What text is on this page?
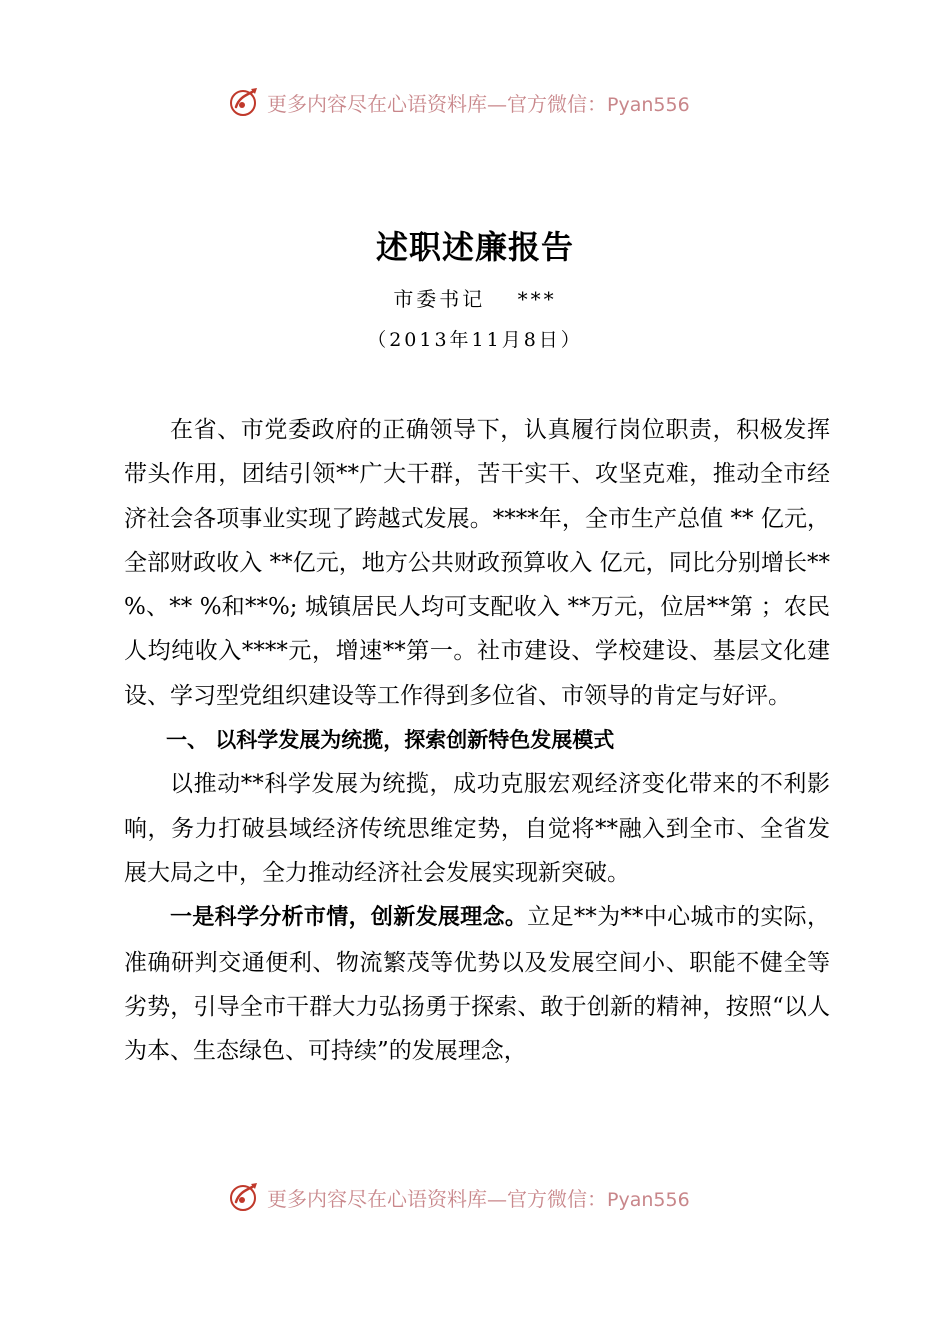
更多内容尽在心语资料库—官方微信：Pyan556
述职述廉报告
市委书记　 ***
（2013年11月8日）

在省、市党委政府的正确领导下，认真履行岗位职责，积极发挥带头作用，团结引领**广大干群，苦干实干、攻坚克难，推动全市经济社会各项事业实现了跨越式发展。****年，全市生产总值 ** 亿元，全部财政收入 **亿元，地方公共财政预算收入 亿元，同比分别增长** %、** %和**%; 城镇居民人均可支配收入 **万元，位居**第 ；农民人均纯收入****元，增速**第一。社市建设、学校建设、基层文化建设、学习型党组织建设等工作得到多位省、市领导的肯定与好评。

一、 以科学发展为统揽，探索创新特色发展模式

以推动**科学发展为统揽，成功克服宏观经济变化带来的不利影响，务力打破县域经济传统思维定势，自觉将**融入到全市、全省发展大局之中，全力推动经济社会发展实现新突破。

一是科学分析市情，创新发展理念。立足**为**中心城市的实际，准确研判交通便利、物流繁茂等优势以及发展空间小、职能不健全等劣势，引导全市干群大力弘扬勇于探索、敢于创新的精神，按照“以人为本、生态绿色、可持续”的发展理念，

更多内容尽在心语资料库—官方微信：Pyan556
